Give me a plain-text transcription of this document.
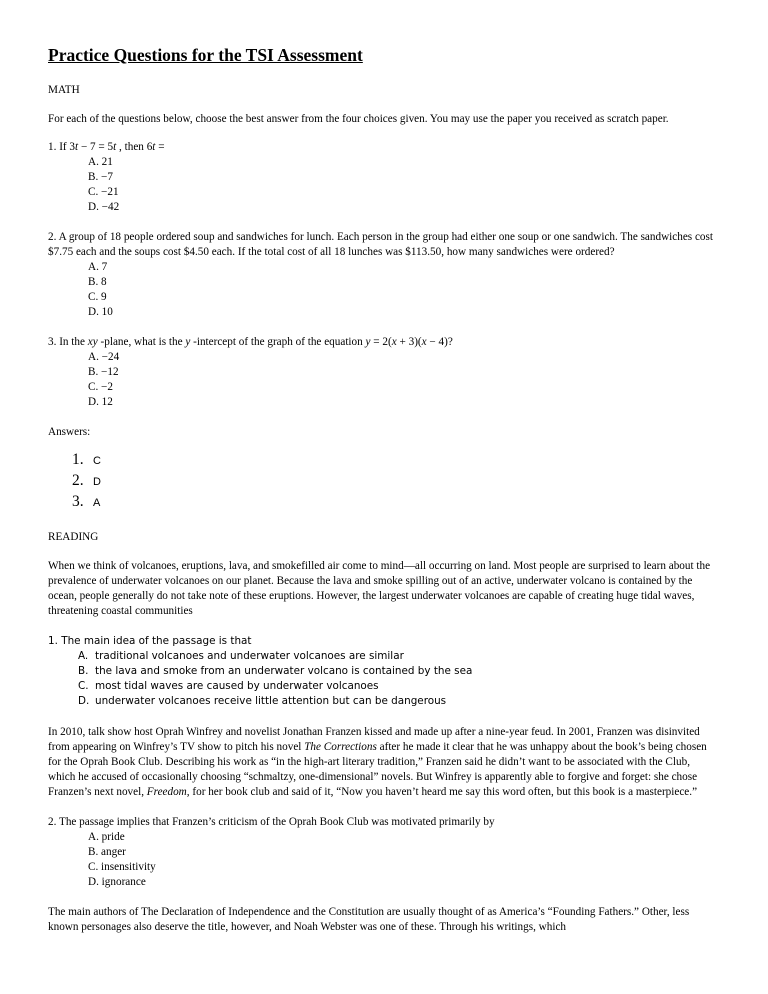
Practice Questions for the TSI Assessment

MATH

For each of the questions below, choose the best answer from the four choices given. You may use the paper you received as scratch paper.

1. If 3t − 7 = 5t , then 6t =

A. 21
B. −7
C. −21
D. −42

2. A group of 18 people ordered soup and sandwiches for lunch. Each person in the group had either one soup or one sandwich. The sandwiches cost $7.75 each and the soups cost $4.50 each. If the total cost of all 18 lunches was $113.50, how many sandwiches were ordered?

A. 7
B. 8
C. 9
D. 10

3. In the xy -plane, what is the y -intercept of the graph of the equation y = 2(x + 3)(x − 4)?

A. −24
B. −12
C. −2
D. 12

Answers:

1. C
2. D
3. A

READING

When we think of volcanoes, eruptions, lava, and smokefilled air come to mind—all occurring on land. Most people are surprised to learn about the prevalence of underwater volcanoes on our planet. Because the lava and smoke spilling out of an active, underwater volcano is contained by the ocean, people generally do not take note of these eruptions. However, the largest underwater volcanoes are capable of creating huge tidal waves, threatening coastal communities

1. The main idea of the passage is that

A. traditional volcanoes and underwater volcanoes are similar
B. the lava and smoke from an underwater volcano is contained by the sea
C. most tidal waves are caused by underwater volcanoes
D. underwater volcanoes receive little attention but can be dangerous

In 2010, talk show host Oprah Winfrey and novelist Jonathan Franzen kissed and made up after a nine-year feud. In 2001, Franzen was disinvited from appearing on Winfrey’s TV show to pitch his novel The Corrections after he made it clear that he was unhappy about the book’s being chosen for the Oprah Book Club. Describing his work as “in the high-art literary tradition,” Franzen said he didn’t want to be associated with the Club, which he accused of occasionally choosing “schmaltzy, one-dimensional” novels. But Winfrey is apparently able to forgive and forget: she chose Franzen’s next novel, Freedom, for her book club and said of it, “Now you haven’t heard me say this word often, but this book is a masterpiece.”

2. The passage implies that Franzen’s criticism of the Oprah Book Club was motivated primarily by

A. pride
B. anger
C. insensitivity
D. ignorance

The main authors of The Declaration of Independence and the Constitution are usually thought of as America’s “Founding Fathers.” Other, less known personages also deserve the title, however, and Noah Webster was one of these. Through his writings, which
